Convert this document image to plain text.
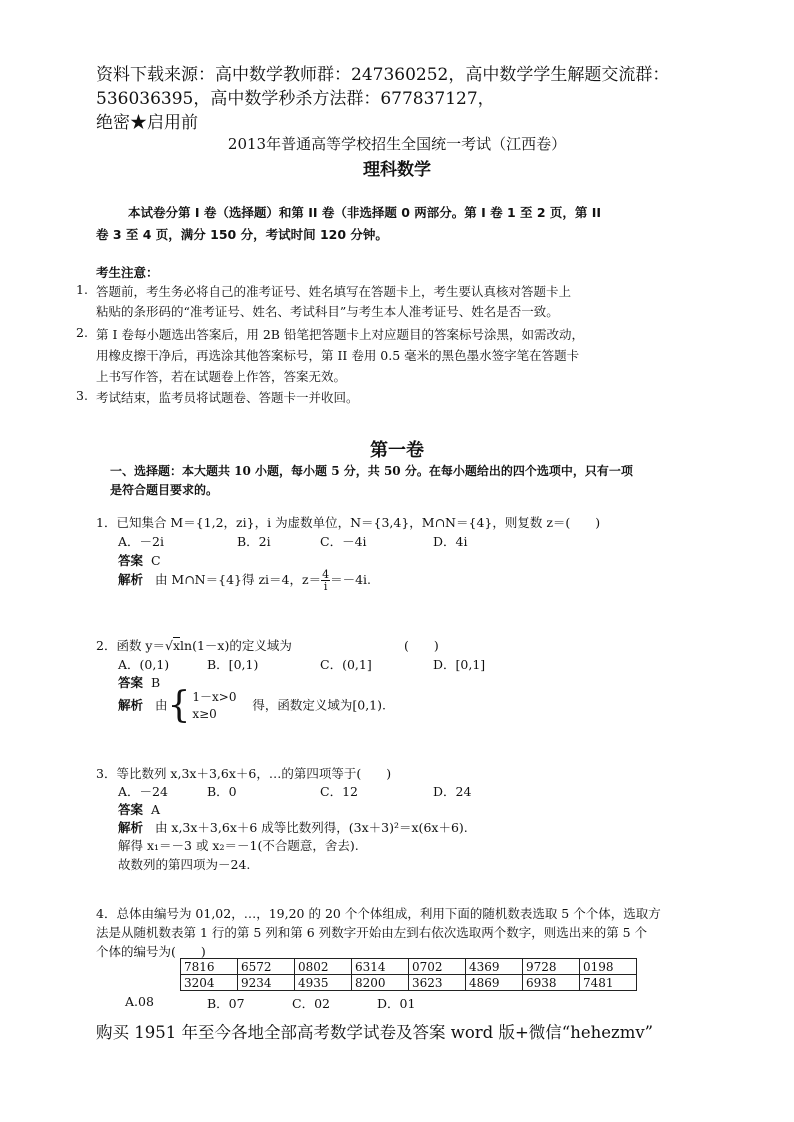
资料下载来源：高中数学教师群：247360252，高中数学学生解题交流群：
536036395，高中数学秒杀方法群：677837127，
绝密★启用前
2013年普通高等学校招生全国统一考试（江西卷）
理科数学
本试卷分第 I 卷（选择题）和第 II 卷（非选择题 0 两部分。第 I 卷 1 至 2 页，第 II
卷 3 至 4 页，满分 150 分，考试时间 120 分钟。
考生注意：
1. 答题前，考生务必将自己的准考证号、姓名填写在答题卡上，考生要认真核对答题卡上
粘贴的条形码的“准考证号、姓名、考试科目”与考生本人准考证号、姓名是否一致。
2. 第 I 卷每小题选出答案后，用 2B 铅笔把答题卡上对应题目的答案标号涂黑，如需改动，
用橡皮擦干净后，再选涂其他答案标号，第 II 卷用 0.5 毫米的黑色墨水签字笔在答题卡
上书写作答，若在试题卷上作答，答案无效。
3. 考试结束，监考员将试题卷、答题卡一并收回。
第一卷
一、选择题：本大题共 10 小题，每小题 5 分，共 50 分。在每小题给出的四个选项中，只有一项
是符合题目要求的。
1．已知集合 M＝{1,2，zi}，i 为虚数单位，N＝{3,4}，M∩N＝{4}，则复数 z＝(　　)
A．－2i	B．2i	C．－4i	D．4i
答案 C
解析 由 M∩N＝{4}得 zi＝4，$z= \frac{4}{i} =-4i$.
2．函数 y＝√xln(1－x)的定义域为	(　　)
A．(0,1)	B．[0,1)	C．(0,1]	D．[0,1]
答案 B
解析 由{ 1－x>0
x≥0    得，函数定义域为[0,1).
3．等比数列 x,3x＋3,6x＋6，…的第四项等于(　　)
A．－24	B．0	C．12	D．24
答案 A
解析 由 x,3x＋3,6x＋6 成等比数列得，(3x＋3)²＝x(6x＋6).
解得 x₁＝－3 或 x₂＝－1(不合题意，舍去).
故数列的第四项为－24.
4．总体由编号为 01,02，…，19,20 的 20 个个体组成，利用下面的随机数表选取 5 个个体，选取方
法是从随机数表第 1 行的第 5 列和第 6 列数字开始由左到右依次选取两个数字，则选出来的第 5 个
个体的编号为(　　)
7816	6572	0802	6314	0702	4369	9728	0198
3204	9234	4935	8200	3623	4869	6938	7481
A.08	B．07	C．02	D．01
购买 1951 年至今各地全部高考数学试卷及答案 word 版+微信“hehezmv”
